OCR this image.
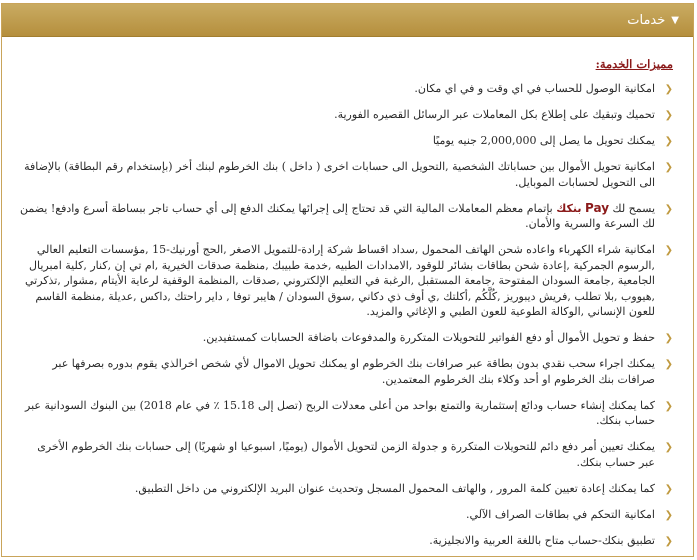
▼
خدمات
مميزات الخدمة:
❮
امكانية الوصول للحساب في اي وقت و في اي مكان.
❮
تحميك وتبقيك على إطلاع بكل المعاملات عبر الرسائل القصيره الفورية.
❮
يمكنك تحويل ما يصل إلى 2,000,000 جنيه يوميًا
❮
امكانية تحويل الأموال بين حساباتك الشخصية ,التحويل الى حسابات اخرى ( داخل ) بنك الخرطوم لبنك أخر (بإستخدام رقم البطاقة) بالإضافة الى التحويل لحسابات الموبايل.
❮
يسمح لك Pay بنكك بإتمام معظم المعاملات المالية التي قد تحتاج إلى إجرائها يمكنك الدفع إلى أي حساب تاجر ببساطة أسرع وادفع! يضمن لك السرعة والسرية والأمان.
❮
امكانية شراء الكهرباء واعاده شحن الهاتف المحمول ,سداد اقساط شركة إرادة-للتمويل الاصغر ,الحج أورنيك-15 ,مؤسسات التعليم العالي ,الرسوم الجمركية ,إعادة شحن بطاقات بشائر للوقود ,الامدادات الطبيه ,خدمة طبيبك ,منظمة صدقات الخيرية ,ام تي إن ,كنار ,كلية امبريال الجامعية ,جامعة السودان المفتوحة ,جامعة المستقبل ,الرغبة في التعليم الإلكتروني ,صدقات ,المنظمة الوقفية لرعاية الأيتام ,مشوار ,تذكرتي ,هيووب ,بلا تطلب ,فريش ديبوريز ,كُلَّكُم ,أكلتك ,ي أوف ذي دكاني ,سوق السودان / هايبر توفا , داير راحتك ,داكس ,عديلة ,منظمة القاسم للعون الإنساني ,الوكالة الطوعية للعون الطبي و الإغاثي والمزيد.
❮
حفظ و تحويل الأموال أو دفع الفواتير للتحويلات المتكررة والمدفوعات باضافة الحسابات كمستفيدين.
❮
يمكنك اجراء سحب نقدي بدون بطاقة عبر صرافات بنك الخرطوم او يمكنك تحويل الاموال لأي شخص اخرالذي يقوم بدوره بصرفها عبر صرافات بنك الخرطوم او أحد وكلاء بنك الخرطوم المعتمدين.
❮
كما يمكنك إنشاء حساب ودائع إستثمارية والتمتع بواحد من أعلى معدلات الربح (تصل إلى 15.18 ٪ في عام 2018) بين البنوك السودانية عبر حساب بنكك.
❮
يمكنك تعيين أمر دفع دائم للتحويلات المتكررة و جدولة الزمن لتحويل الأموال (يوميًا, اسبوعيا او شهريًا) إلى حسابات بنك الخرطوم الأخرى عبر حساب بنكك.
❮
كما يمكنك إعادة تعيين كلمة المرور , والهاتف المحمول المسجل وتحديث عنوان البريد الإلكتروني من داخل التطبيق.
❮
امكانية التحكم في بطاقات الصراف الآلي.
❮
تطبيق بنكك-حساب متاح باللغة العربية والانجليزية.
